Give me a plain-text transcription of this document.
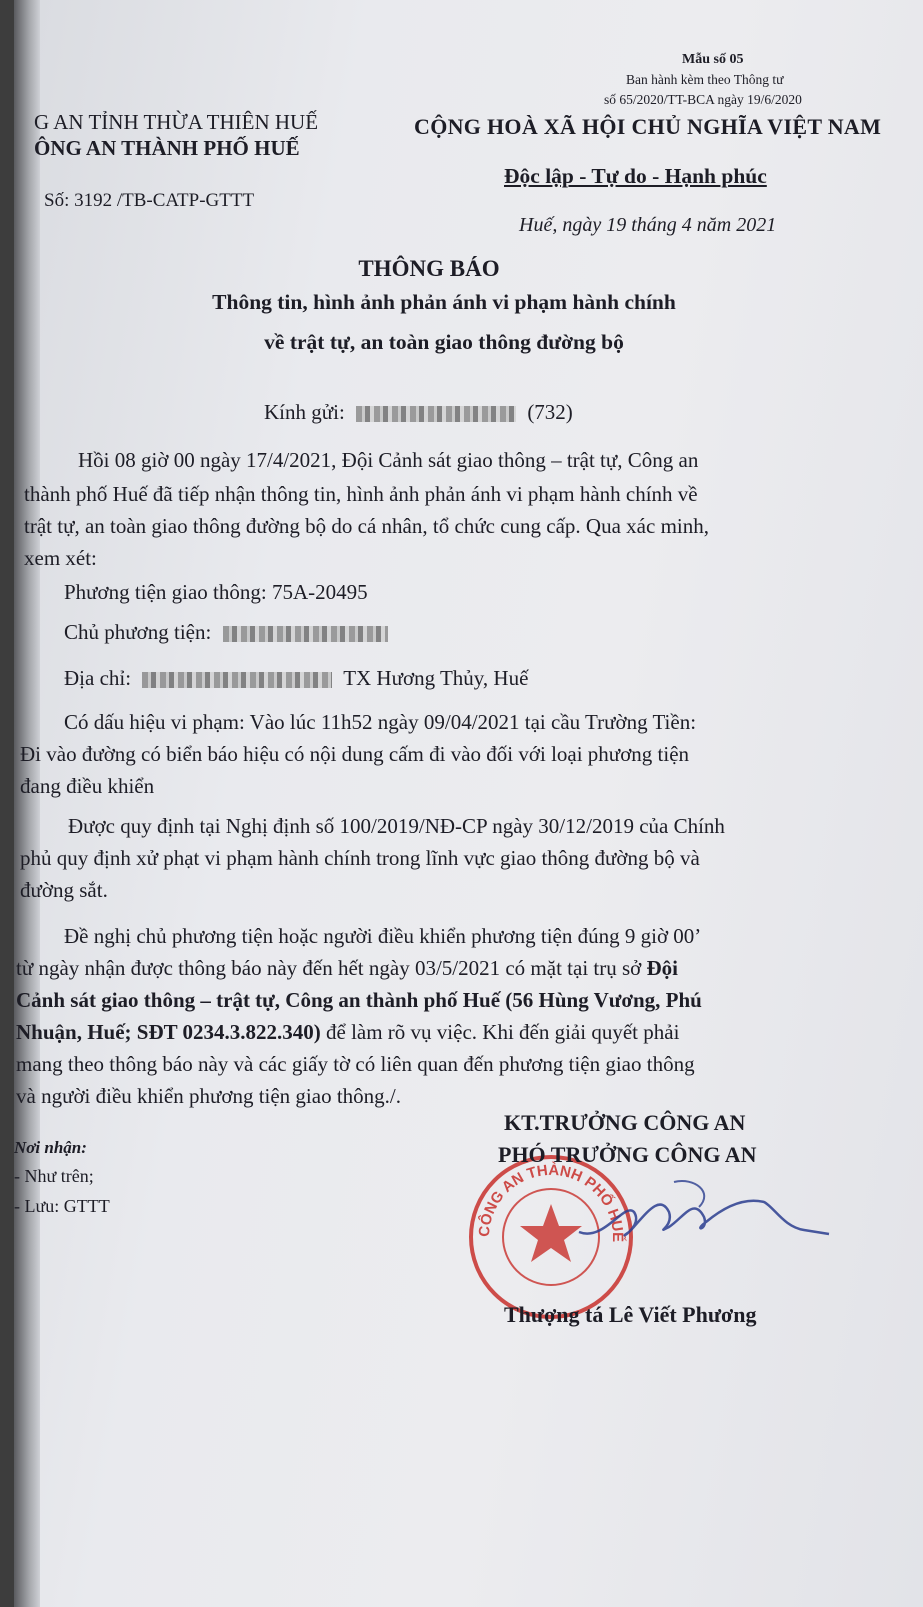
Mẫu số 05
Ban hành kèm theo Thông tư
số 65/2020/TT-BCA ngày 19/6/2020
G AN TỈNH THỪA THIÊN HUẾ
ÔNG AN THÀNH PHỐ HUẾ
Số: 3192 /TB-CATP-GTTT
CỘNG HOÀ XÃ HỘI CHỦ NGHĨA VIỆT NAM
Độc lập - Tự do - Hạnh phúc
Huế, ngày 19 tháng 4 năm 2021
THÔNG BÁO
Thông tin, hình ảnh phản ánh vi phạm hành chính
về trật tự, an toàn giao thông đường bộ
Kính gửi:	(732)
Hồi 08 giờ 00 ngày 17/4/2021, Đội Cảnh sát giao thông – trật tự, Công an
thành phố Huế đã tiếp nhận thông tin, hình ảnh phản ánh vi phạm hành chính về
trật tự, an toàn giao thông đường bộ do cá nhân, tổ chức cung cấp. Qua xác minh,
xem xét:
Phương tiện giao thông: 75A-20495
Chủ phương tiện:
Địa chỉ:	TX Hương Thủy, Huế
Có dấu hiệu vi phạm: Vào lúc 11h52 ngày 09/04/2021 tại cầu Trường Tiền:
Đi vào đường có biển báo hiệu có nội dung cấm đi vào đối với loại phương tiện
đang điều khiển
Được quy định tại Nghị định số 100/2019/NĐ-CP ngày 30/12/2019 của Chính
phủ quy định xử phạt vi phạm hành chính trong lĩnh vực giao thông đường bộ và
đường sắt.
Đề nghị chủ phương tiện hoặc người điều khiển phương tiện đúng 9 giờ 00’
từ ngày nhận được thông báo này đến hết ngày 03/5/2021 có mặt tại trụ sở Đội
Cảnh sát giao thông – trật tự, Công an thành phố Huế (56 Hùng Vương, Phú
Nhuận, Huế; SĐT 0234.3.822.340) để làm rõ vụ việc. Khi đến giải quyết phải
mang theo thông báo này và các giấy tờ có liên quan đến phương tiện giao thông
và người điều khiển phương tiện giao thông./.
Nơi nhận:
- Như trên;
- Lưu: GTTT
CÔNG AN THÀNH PHỐ HUẾ
KT.TRƯỞNG CÔNG AN
PHÓ TRƯỞNG CÔNG AN
Thượng tá Lê Viết Phương
